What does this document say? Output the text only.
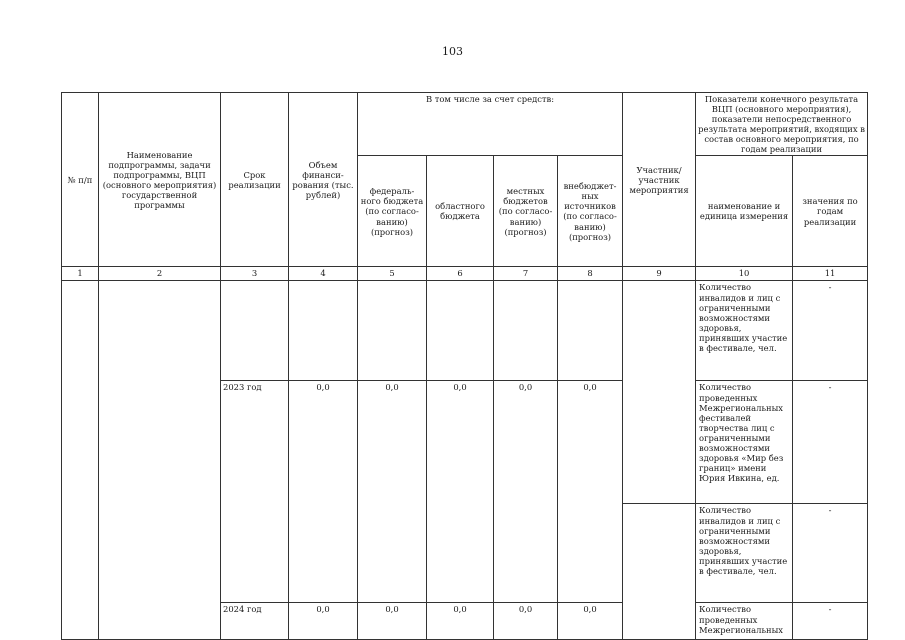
103
№ п/п	Наименование подпрограммы, задачи подпрограммы, ВЦП (основного мероприятия) государственной программы	Срок реализации	Объем финанси-рования (тыс. рублей)	В том числе за счет средств:				Участник/ участник мероприятия	Показатели конечного результата ВЦП (основного мероприятия), показатели непосредственного результата мероприятий, входящих в состав основного мероприятия, по годам реализации	
				федераль-ного бюджета (по согласо-ванию) (прогноз)	областного бюджета	местных бюджетов (по согласо-ванию) (прогноз)	внебюджет-ных источников (по согласо-ванию) (прогноз)		наименование и единица измерения	значения по годам реализации
1	2	3	4	5	6	7	8	9	10	11
									Количество инвалидов и лиц с ограниченными возможностями здоровья, принявших участие в фестивале, чел.	-
		2023 год	0,0	0,0	0,0	0,0	0,0		Количество проведенных Межрегиональных фестивалей творчества лиц с ограниченными возможностями здоровья «Мир без границ» имени Юрия Ивкина, ед.	-
									Количество инвалидов и лиц с ограниченными возможностями здоровья, принявших участие в фестивале, чел.	-
		2024 год	0,0	0,0	0,0	0,0	0,0		Количество проведенных Межрегиональных	-
